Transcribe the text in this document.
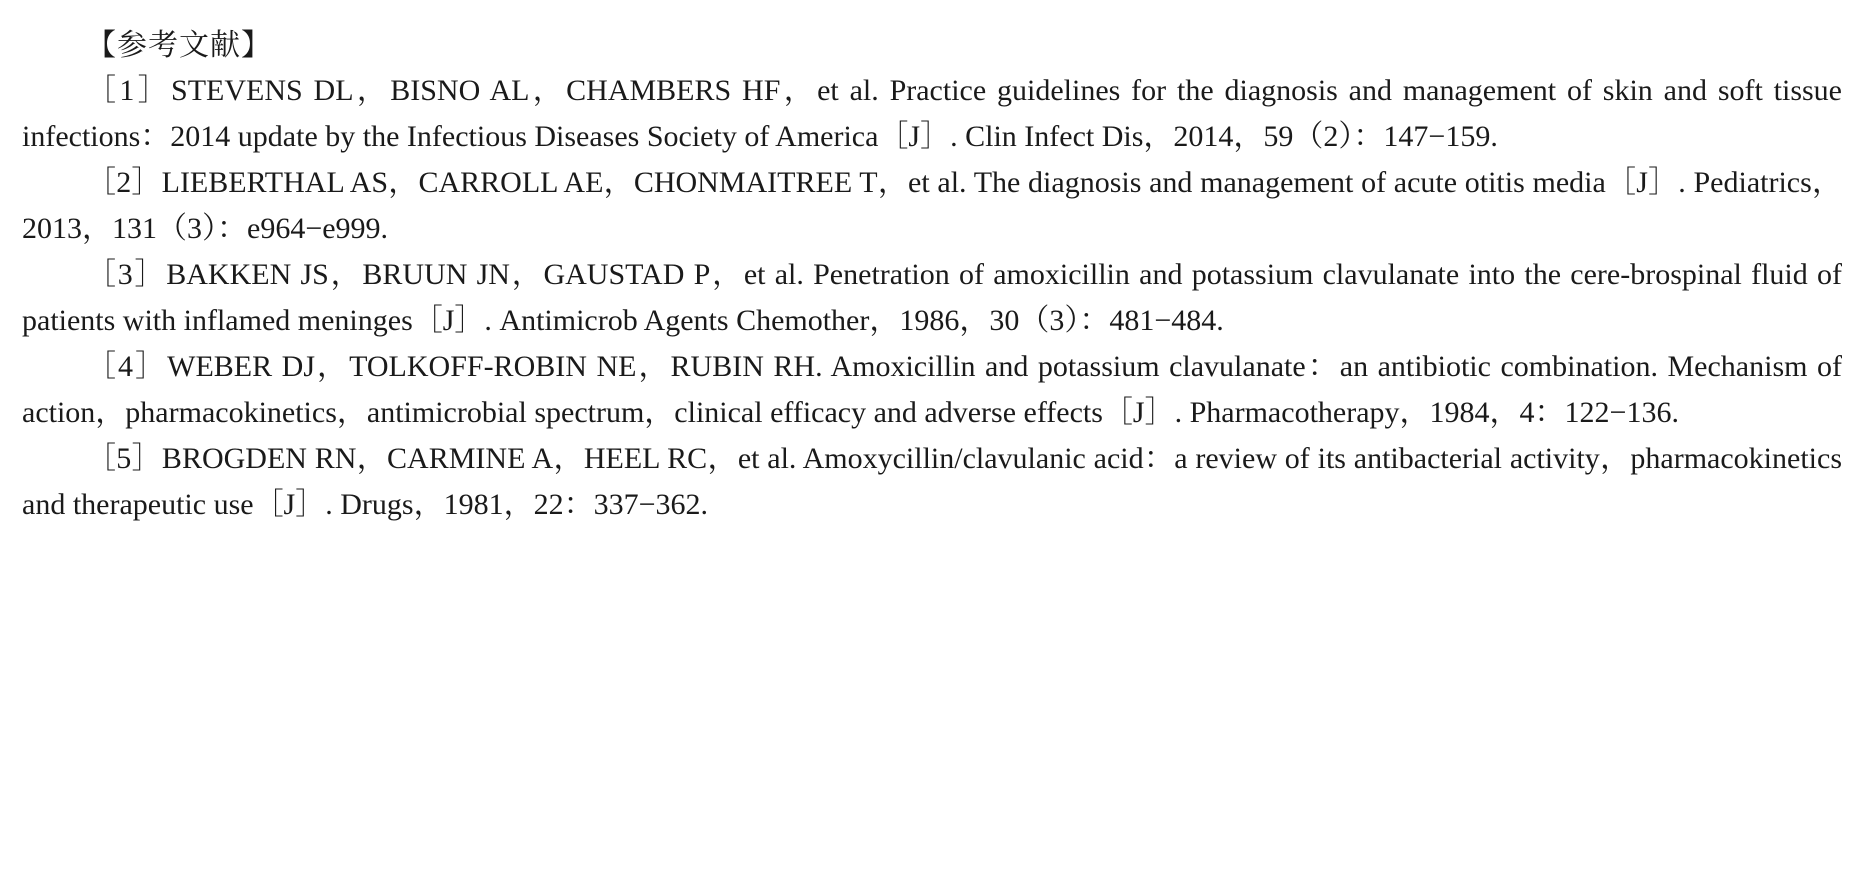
【参考文献】

［1］STEVENS DL，BISNO AL，CHAMBERS HF，et al. Practice guidelines for the diagnosis and management of skin and soft tissue infections：2014 update by the Infectious Diseases Society of America［J］. Clin Infect Dis，2014，59（2）：147−159.

［2］LIEBERTHAL AS，CARROLL AE，CHONMAITREE T，et al. The diagnosis and management of acute otitis media［J］. Pediatrics，2013，131（3）：e964−e999.

［3］BAKKEN JS，BRUUN JN，GAUSTAD P，et al. Penetration of amoxicillin and potassium clavulanate into the cere-brospinal fluid of patients with inflamed meninges［J］. Antimicrob Agents Chemother，1986，30（3）：481−484.

［4］WEBER DJ，TOLKOFF-ROBIN NE，RUBIN RH. Amoxicillin and potassium clavulanate：an antibiotic combination. Mechanism of action，pharmacokinetics，antimicrobial spectrum，clinical efficacy and adverse effects［J］. Pharmacotherapy，1984，4：122−136.

［5］BROGDEN RN，CARMINE A，HEEL RC，et al. Amoxycillin/clavulanic acid：a review of its antibacterial activity，pharmacokinetics and therapeutic use［J］. Drugs，1981，22：337−362.
